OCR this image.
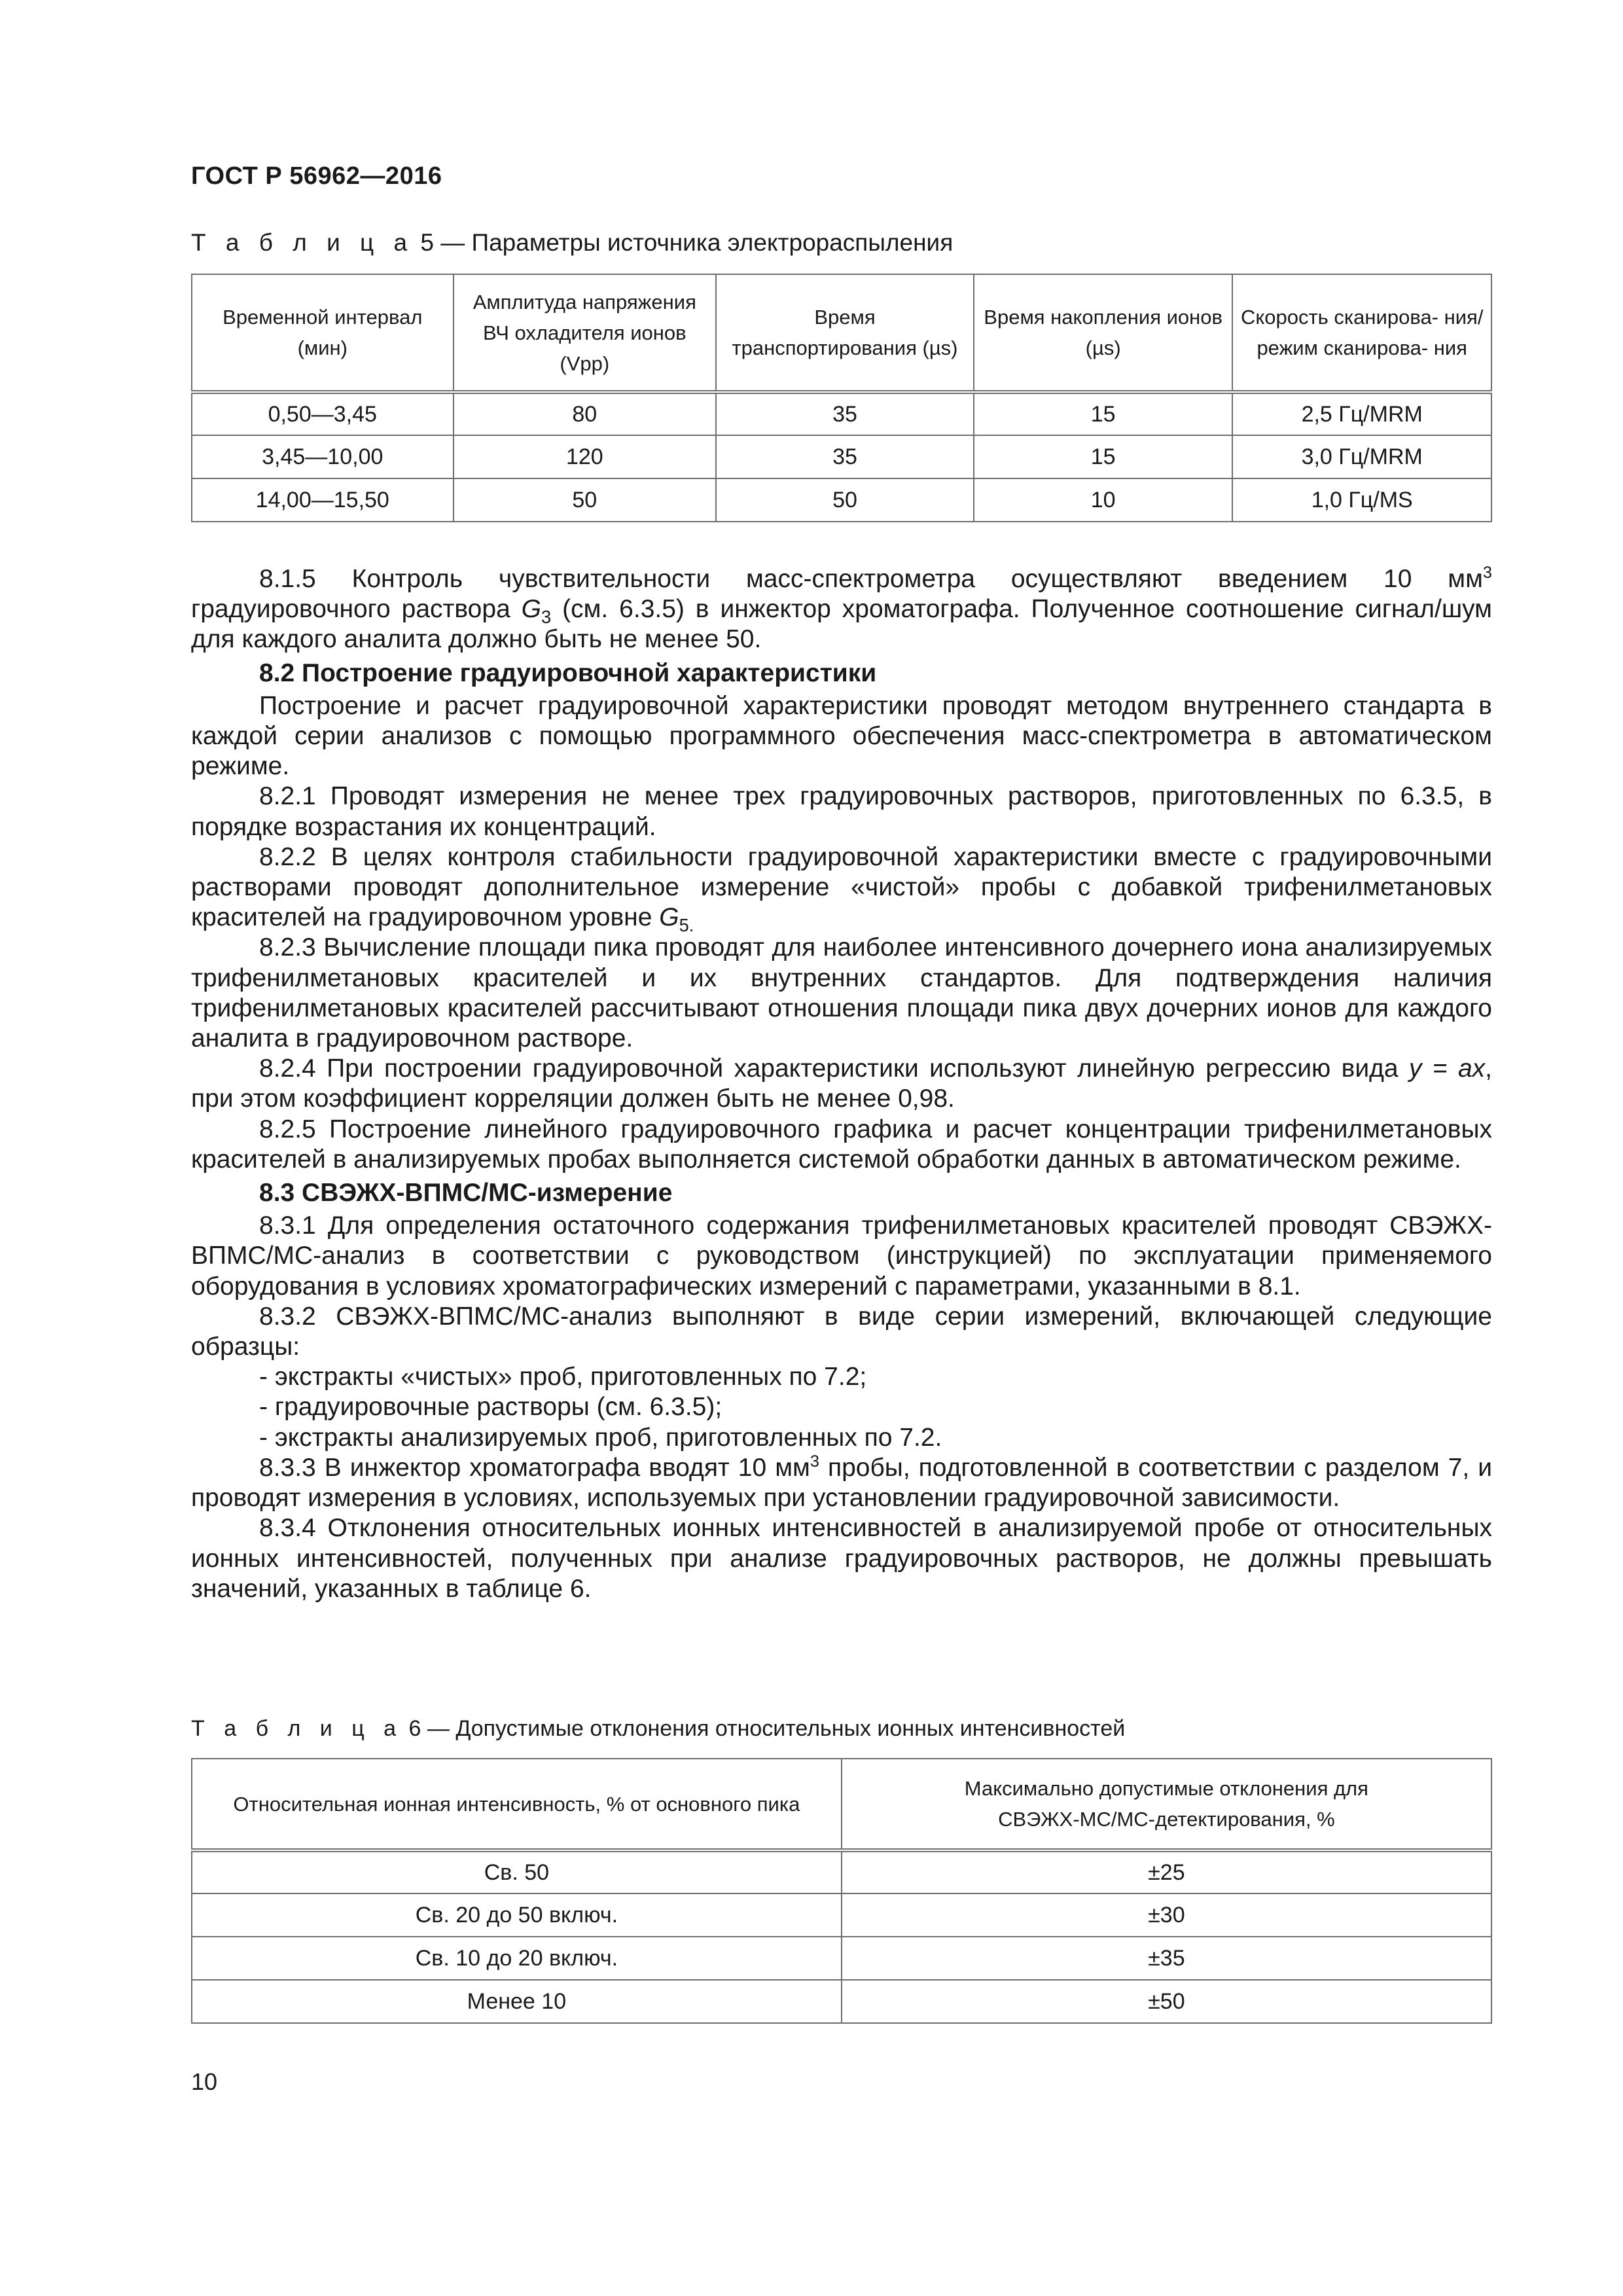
ГОСТ Р 56962—2016
Т а б л и ц а 5 — Параметры источника электрораспыления
Временной интервал (мин)	Амплитуда напряжения ВЧ охладителя ионов (Vpp)	Время транспортирования (µs)	Время накопления ионов (µs)	Скорость сканирова- ния/режим сканирова- ния
0,50—3,45	80	35	15	2,5 Гц/MRM
3,45—10,00	120	35	15	3,0 Гц/MRM
14,00—15,50	50	50	10	1,0 Гц/MS

8.1.5 Контроль чувствительности масс-спектрометра осуществляют введением 10 $мм^3$ градуировочного раствора $G_3$ (см. 6.3.5) в инжектор хроматографа. Полученное соотношение сигнал/шум для каждого аналита должно быть не менее 50.

8.2 Построение градуировочной характеристики

Построение и расчет градуировочной характеристики проводят методом внутреннего стандарта в каждой серии анализов с помощью программного обеспечения масс-спектрометра в автоматическом режиме.

8.2.1 Проводят измерения не менее трех градуировочных растворов, приготовленных по 6.3.5, в порядке возрастания их концентраций.

8.2.2 В целях контроля стабильности градуировочной характеристики вместе с градуировочными растворами проводят дополнительное измерение «чистой» пробы с добавкой трифенилметановых красителей на градуировочном уровне $G_{5.}$

8.2.3 Вычисление площади пика проводят для наиболее интенсивного дочернего иона анализируемых трифенилметановых красителей и их внутренних стандартов. Для подтверждения наличия трифенилметановых красителей рассчитывают отношения площади пика двух дочерних ионов для каждого аналита в градуировочном растворе.

8.2.4 При построении градуировочной характеристики используют линейную регрессию вида y = ax, при этом коэффициент корреляции должен быть не менее 0,98.

8.2.5 Построение линейного градуировочного графика и расчет концентрации трифенилметановых красителей в анализируемых пробах выполняется системой обработки данных в автоматическом режиме.

8.3 СВЭЖХ-ВПМС/МС-измерение

8.3.1 Для определения остаточного содержания трифенилметановых красителей проводят СВЭЖХ-ВПМС/МС-анализ в соответствии с руководством (инструкцией) по эксплуатации применяемого оборудования в условиях хроматографических измерений с параметрами, указанными в 8.1.

8.3.2 СВЭЖХ-ВПМС/МС-анализ выполняют в виде серии измерений, включающей следующие образцы:

- экстракты «чистых» проб, приготовленных по 7.2;

- градуировочные растворы (см. 6.3.5);

- экстракты анализируемых проб, приготовленных по 7.2.

8.3.3 В инжектор хроматографа вводят 10 $мм^3$ пробы, подготовленной в соответствии с разделом 7, и проводят измерения в условиях, используемых при установлении градуировочной зависимости.

8.3.4 Отклонения относительных ионных интенсивностей в анализируемой пробе от относительных ионных интенсивностей, полученных при анализе градуировочных растворов, не должны превышать значений, указанных в таблице 6.

Т а б л и ц а 6 — Допустимые отклонения относительных ионных интенсивностей
Относительная ионная интенсивность, % от основного пика	Максимально допустимые отклонения для СВЭЖХ-МС/МС-детектирования, %
Св. 50	±25
Св. 20 до 50 включ.	±30
Св. 10 до 20 включ.	±35
Менее 10	±50
10
